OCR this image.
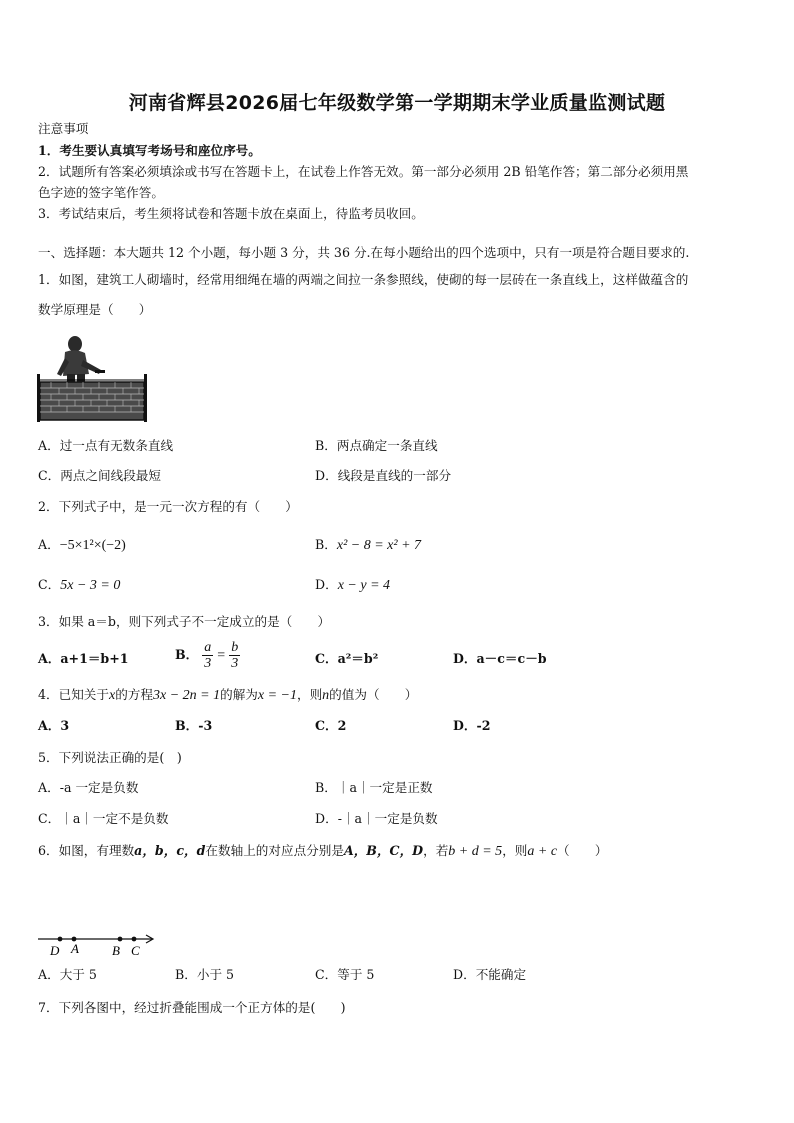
河南省辉县2026届七年级数学第一学期期末学业质量监测试题
注意事项
1．考生要认真填写考场号和座位序号。
2．试题所有答案必须填涂或书写在答题卡上，在试卷上作答无效。第一部分必须用 2B 铅笔作答；第二部分必须用黑
色字迹的签字笔作答。
3．考试结束后，考生须将试卷和答题卡放在桌面上，待监考员收回。
一、选择题：本大题共 12 个小题，每小题 3 分，共 36 分.在每小题给出的四个选项中，只有一项是符合题目要求的.
1．如图，建筑工人砌墙时，经常用细绳在墙的两端之间拉一条参照线，使砌的每一层砖在一条直线上，这样做蕴含的
数学原理是（　　）
A．过一点有无数条直线	B．两点确定一条直线
C．两点之间线段最短	D．线段是直线的一部分
2．下列式子中，是一元一次方程的有（　　）
A．−5×1²×(−2)	B．x² − 8 = x² + 7
C．5x − 3 = 0	D．x − y = 4
3．如果 a＝b，则下列式子不一定成立的是（　　）
A．a+1＝b+1	B． $\frac{a}{3} = \frac{b}{3}$	C．a²＝b²	D．a－c＝c－b
4．已知关于x的方程3x − 2n = 1的解为x = −1，则n的值为（　　）
A．3	B．-3	C．2	D．-2
5．下列说法正确的是(　)
A．-a 一定是负数	B．｜a｜一定是正数
C．｜a｜一定不是负数	D．-｜a｜一定是负数
6．如图，有理数a，b，c，d在数轴上的对应点分别是A，B，C，D，若b + d = 5，则a + c（　　）
D A	B C
A．大于 5	B．小于 5	C．等于 5	D．不能确定
7．下列各图中，经过折叠能围成一个正方体的是(　　)
